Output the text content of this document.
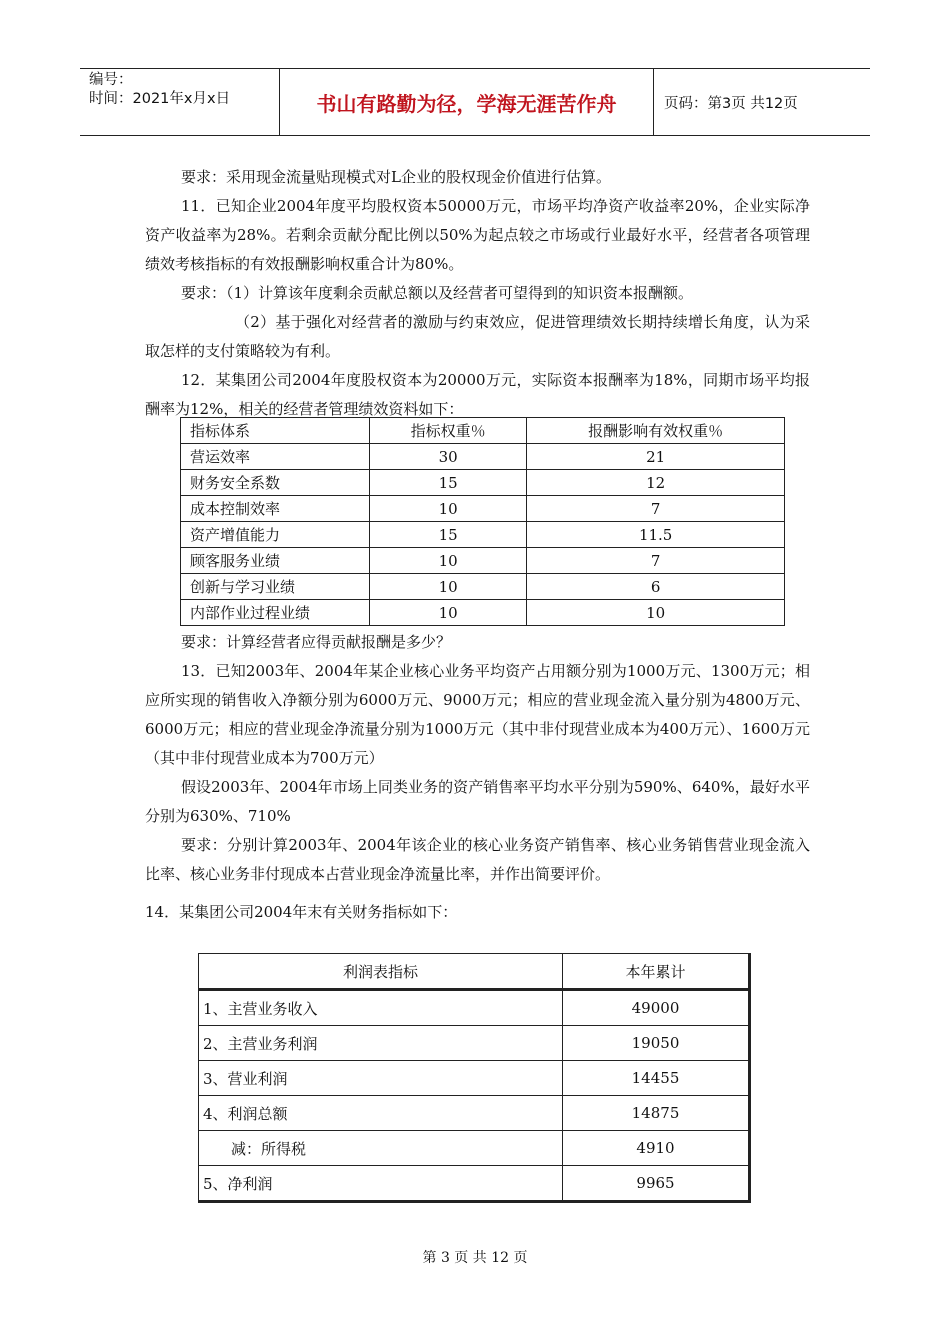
编号：
时间：2021年x月x日	书山有路勤为径，学海无涯苦作舟	页码：第3页 共12页

要求：采用现金流量贴现模式对L企业的股权现金价值进行估算。

11．已知企业2004年度平均股权资本50000万元，市场平均净资产收益率20%，企业实际净资产收益率为28%。若剩余贡献分配比例以50%为起点较之市场或行业最好水平，经营者各项管理绩效考核指标的有效报酬影响权重合计为80%。

要求：（1）计算该年度剩余贡献总额以及经营者可望得到的知识资本报酬额。

（2）基于强化对经营者的激励与约束效应，促进管理绩效长期持续增长角度，认为采取怎样的支付策略较为有利。

12．某集团公司2004年度股权资本为20000万元，实际资本报酬率为18%，同期市场平均报酬率为12%，相关的经营者管理绩效资料如下：

指标体系	指标权重％	报酬影响有效权重％
营运效率	30	21
财务安全系数	15	12
成本控制效率	10	7
资产增值能力	15	11.5
顾客服务业绩	10	7
创新与学习业绩	10	6
内部作业过程业绩	10	10

要求：计算经营者应得贡献报酬是多少？

13．已知2003年、2004年某企业核心业务平均资产占用额分别为1000万元、1300万元；相应所实现的销售收入净额分别为6000万元、9000万元；相应的营业现金流入量分别为4800万元、6000万元；相应的营业现金净流量分别为1000万元（其中非付现营业成本为400万元）、1600万元（其中非付现营业成本为700万元）

假设2003年、2004年市场上同类业务的资产销售率平均水平分别为590%、640%，最好水平分别为630%、710%

要求：分别计算2003年、2004年该企业的核心业务资产销售率、核心业务销售营业现金流入比率、核心业务非付现成本占营业现金净流量比率，并作出简要评价。

14．某集团公司2004年末有关财务指标如下：

利润表指标	本年累计
1、主营业务收入	49000
2、主营业务利润	19050
3、营业利润	14455
4、利润总额	14875
减：所得税	4910
5、净利润	9965
第 3 页 共 12 页
